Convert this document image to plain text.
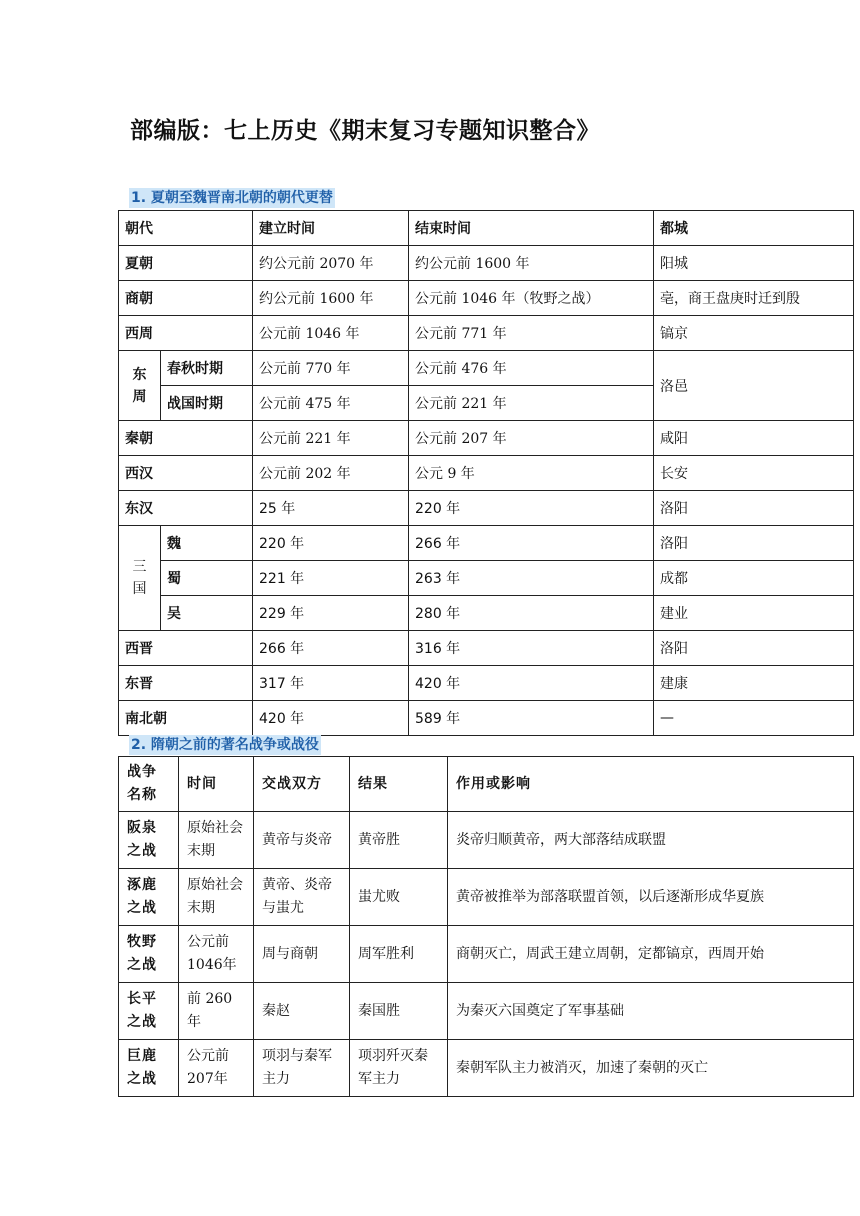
部编版：七上历史《期末复习专题知识整合》
1. 夏朝至魏晋南北朝的朝代更替
朝代		建立时间	结束时间	都城
夏朝		约公元前 2070 年	约公元前 1600 年	阳城
商朝		约公元前 1600 年	公元前 1046 年（牧野之战）	亳，商王盘庚时迁到殷
西周		公元前 1046 年	公元前 771 年	镐京
东周	春秋时期	公元前 770 年	公元前 476 年	洛邑
	战国时期	公元前 475 年	公元前 221 年	
秦朝		公元前 221 年	公元前 207 年	咸阳
西汉		公元前 202 年	公元 9 年	长安
东汉		25 年	220 年	洛阳
三国	魏	220 年	266 年	洛阳
	蜀	221 年	263 年	成都
	吴	229 年	280 年	建业
西晋		266 年	316 年	洛阳
东晋		317 年	420 年	建康
南北朝		420 年	589 年	—
2. 隋朝之前的著名战争或战役
战争名称	时间	交战双方	结果	作用或影响
阪泉之战	原始社会末期	黄帝与炎帝	黄帝胜	炎帝归顺黄帝，两大部落结成联盟
涿鹿之战	原始社会末期	黄帝、炎帝与蚩尤	蚩尤败	黄帝被推举为部落联盟首领，以后逐渐形成华夏族
牧野之战	公元前1046年	周与商朝	周军胜利	商朝灭亡，周武王建立周朝，定都镐京，西周开始
长平之战	前 260 年	秦赵	秦国胜	为秦灭六国奠定了军事基础
巨鹿之战	公元前207年	项羽与秦军主力	项羽歼灭秦军主力	秦朝军队主力被消灭，加速了秦朝的灭亡
